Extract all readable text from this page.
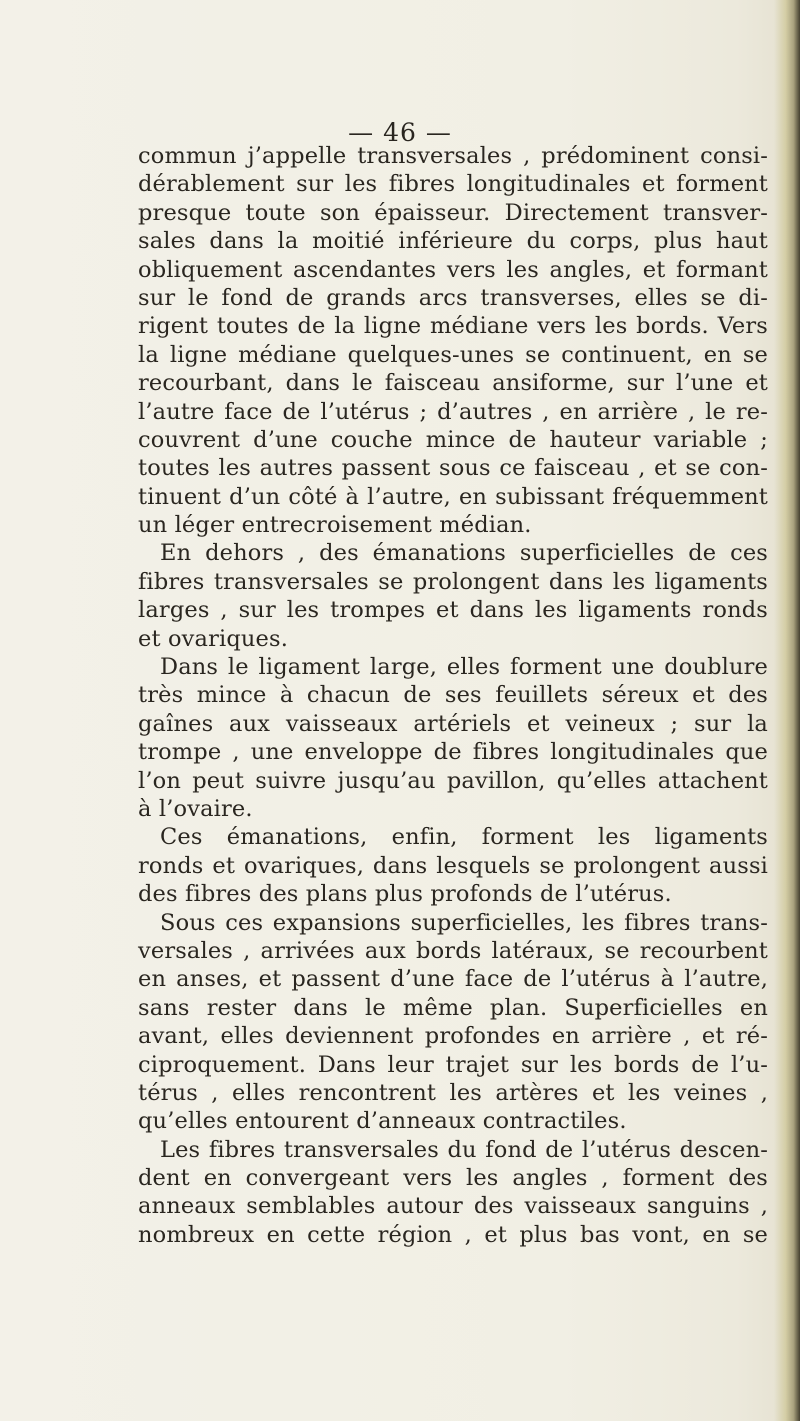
— 46 —
commun j’appelle transversales , prédominent consi-
dérablement sur les fibres longitudinales et forment
presque toute son épaisseur. Directement transver-
sales dans la moitié inférieure du corps, plus haut
obliquement ascendantes vers les angles, et formant
sur le fond de grands arcs transverses, elles se di-
rigent toutes de la ligne médiane vers les bords. Vers
la ligne médiane quelques-unes se continuent, en se
recourbant, dans le faisceau ansiforme, sur l’une et
l’autre face de l’utérus ; d’autres , en arrière , le re-
couvrent d’une couche mince de hauteur variable ;
toutes les autres passent sous ce faisceau , et se con-
tinuent d’un côté à l’autre, en subissant fréquemment
un léger entrecroisement médian.
En dehors , des émanations superficielles de ces
fibres transversales se prolongent dans les ligaments
larges , sur les trompes et dans les ligaments ronds
et ovariques.
Dans le ligament large, elles forment une doublure
très mince à chacun de ses feuillets séreux et des
gaînes aux vaisseaux artériels et veineux ; sur la
trompe , une enveloppe de fibres longitudinales que
l’on peut suivre jusqu’au pavillon, qu’elles attachent
à l’ovaire.
Ces émanations, enfin, forment les ligaments
ronds et ovariques, dans lesquels se prolongent aussi
des fibres des plans plus profonds de l’utérus.
Sous ces expansions superficielles, les fibres trans-
versales , arrivées aux bords latéraux, se recourbent
en anses, et passent d’une face de l’utérus à l’autre,
sans rester dans le même plan. Superficielles en
avant, elles deviennent profondes en arrière , et ré-
ciproquement. Dans leur trajet sur les bords de l’u-
térus , elles rencontrent les artères et les veines ,
qu’elles entourent d’anneaux contractiles.
Les fibres transversales du fond de l’utérus descen-
dent en convergeant vers les angles , forment des
anneaux semblables autour des vaisseaux sanguins ,
nombreux en cette région , et plus bas vont, en se
